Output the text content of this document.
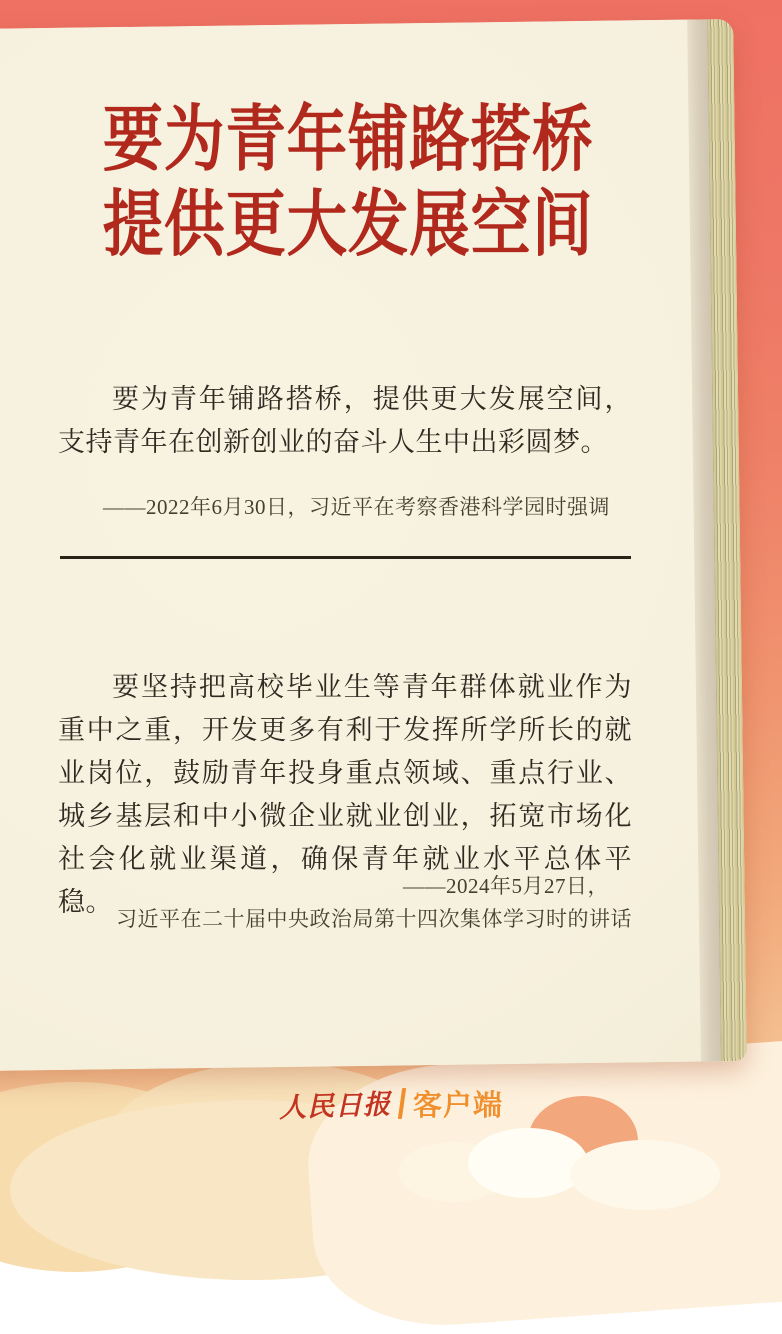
要为青年铺路搭桥
提供更大发展空间
要为青年铺路搭桥，提供更大发展空间，支持青年在创新创业的奋斗人生中出彩圆梦。
——2022年6月30日，习近平在考察香港科学园时强调
要坚持把高校毕业生等青年群体就业作为重中之重，开发更多有利于发挥所学所长的就业岗位，鼓励青年投身重点领域、重点行业、城乡基层和中小微企业就业创业，拓宽市场化社会化就业渠道，确保青年就业水平总体平稳。
——2024年5月27日，
习近平在二十届中央政治局第十四次集体学习时的讲话
人民日报 客户端
